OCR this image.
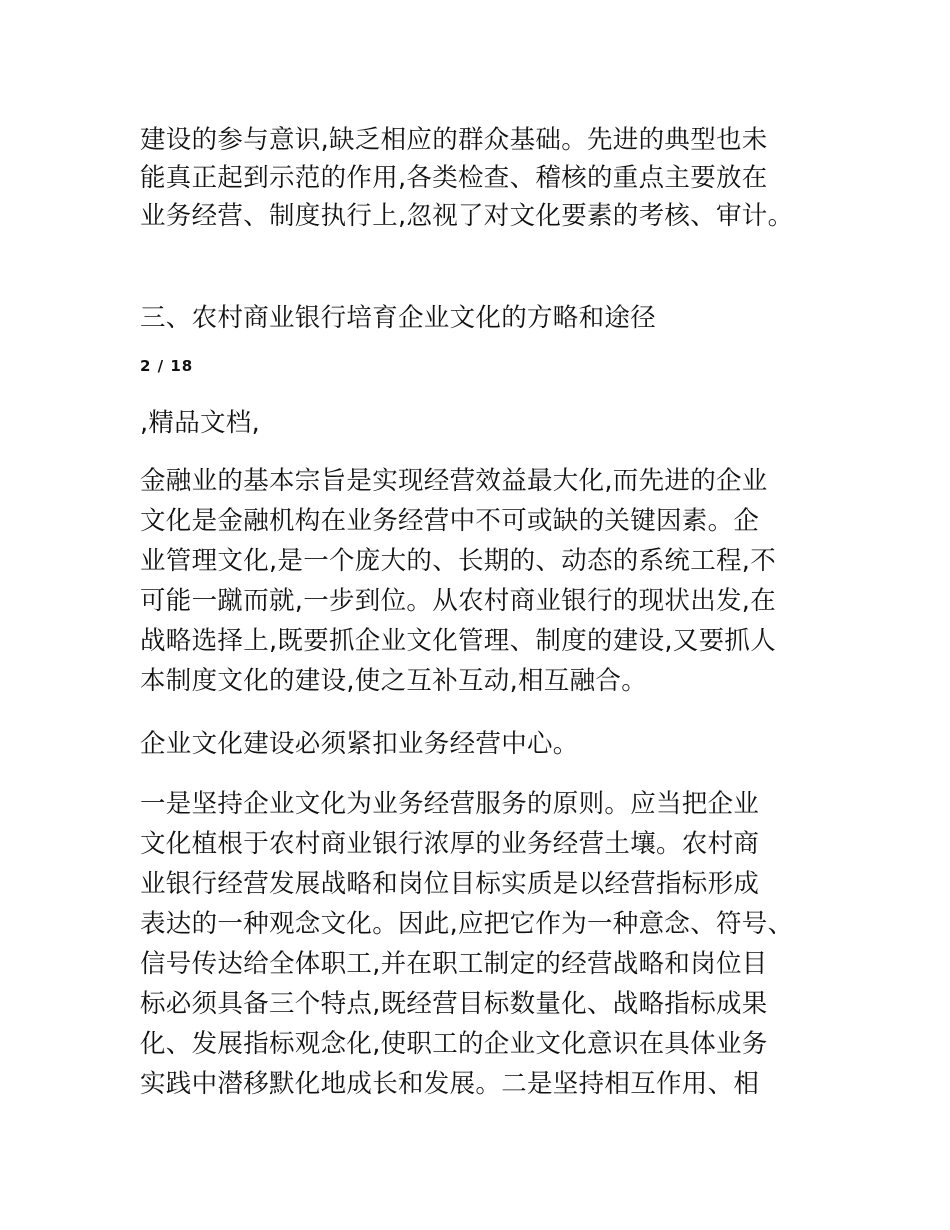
建设的参与意识,缺乏相应的群众基础。先进的典型也未
能真正起到示范的作用,各类检查、稽核的重点主要放在
业务经营、制度执行上,忽视了对文化要素的考核、审计。
三、农村商业银行培育企业文化的方略和途径
2 / 18
,精品文档,
金融业的基本宗旨是实现经营效益最大化,而先进的企业
文化是金融机构在业务经营中不可或缺的关键因素。企
业管理文化,是一个庞大的、长期的、动态的系统工程,不
可能一蹴而就,一步到位。从农村商业银行的现状出发,在
战略选择上,既要抓企业文化管理、制度的建设,又要抓人
本制度文化的建设,使之互补互动,相互融合。
企业文化建设必须紧扣业务经营中心。
一是坚持企业文化为业务经营服务的原则。应当把企业
文化植根于农村商业银行浓厚的业务经营土壤。农村商
业银行经营发展战略和岗位目标实质是以经营指标形成
表达的一种观念文化。因此,应把它作为一种意念、符号、
信号传达给全体职工,并在职工制定的经营战略和岗位目
标必须具备三个特点,既经营目标数量化、战略指标成果
化、发展指标观念化,使职工的企业文化意识在具体业务
实践中潜移默化地成长和发展。二是坚持相互作用、相
